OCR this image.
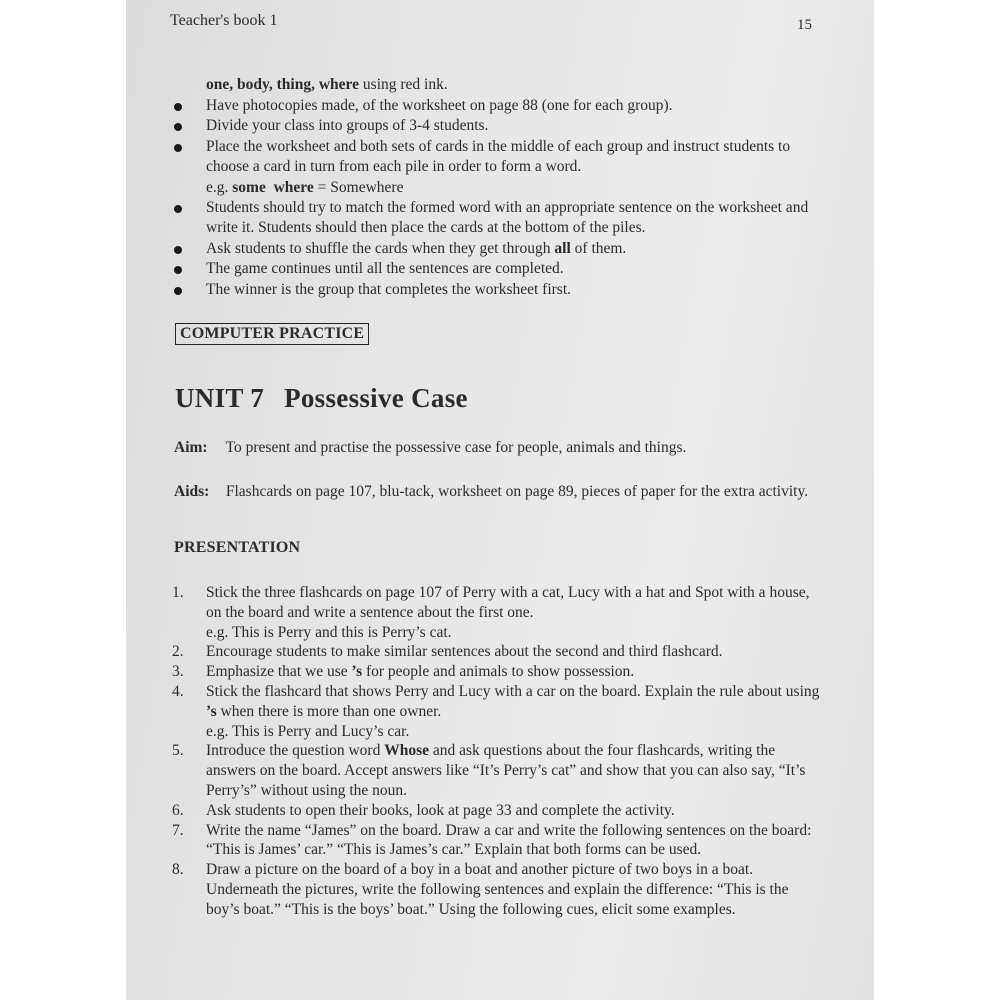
Teacher's book 1	15
one, body, thing, where using red ink.
Have photocopies made, of the worksheet on page 88 (one for each group).
Divide your class into groups of 3-4 students.
Place the worksheet and both sets of cards in the middle of each group and instruct students to choose a card in turn from each pile in order to form a word.
e.g. some where = Somewhere
Students should try to match the formed word with an appropriate sentence on the worksheet and write it. Students should then place the cards at the bottom of the piles.
Ask students to shuffle the cards when they get through all of them.
The game continues until all the sentences are completed.
The winner is the group that completes the worksheet first.
COMPUTER PRACTICE
UNIT 7 Possessive Case
Aim: To present and practise the possessive case for people, animals and things.
Aids: Flashcards on page 107, blu-tack, worksheet on page 89, pieces of paper for the extra activity.
PRESENTATION
1. Stick the three flashcards on page 107 of Perry with a cat, Lucy with a hat and Spot with a house, on the board and write a sentence about the first one.
e.g. This is Perry and this is Perry’s cat.
2. Encourage students to make similar sentences about the second and third flashcard.
3. Emphasize that we use ’s for people and animals to show possession.
4. Stick the flashcard that shows Perry and Lucy with a car on the board. Explain the rule about using ’s when there is more than one owner.
e.g. This is Perry and Lucy’s car.
5. Introduce the question word Whose and ask questions about the four flashcards, writing the answers on the board. Accept answers like “It’s Perry’s cat” and show that you can also say, “It’s Perry’s” without using the noun.
6. Ask students to open their books, look at page 33 and complete the activity.
7. Write the name “James” on the board. Draw a car and write the following sentences on the board: “This is James’ car.” “This is James’s car.” Explain that both forms can be used.
8. Draw a picture on the board of a boy in a boat and another picture of two boys in a boat. Underneath the pictures, write the following sentences and explain the difference: “This is the boy’s boat.” “This is the boys’ boat.” Using the following cues, elicit some examples.
